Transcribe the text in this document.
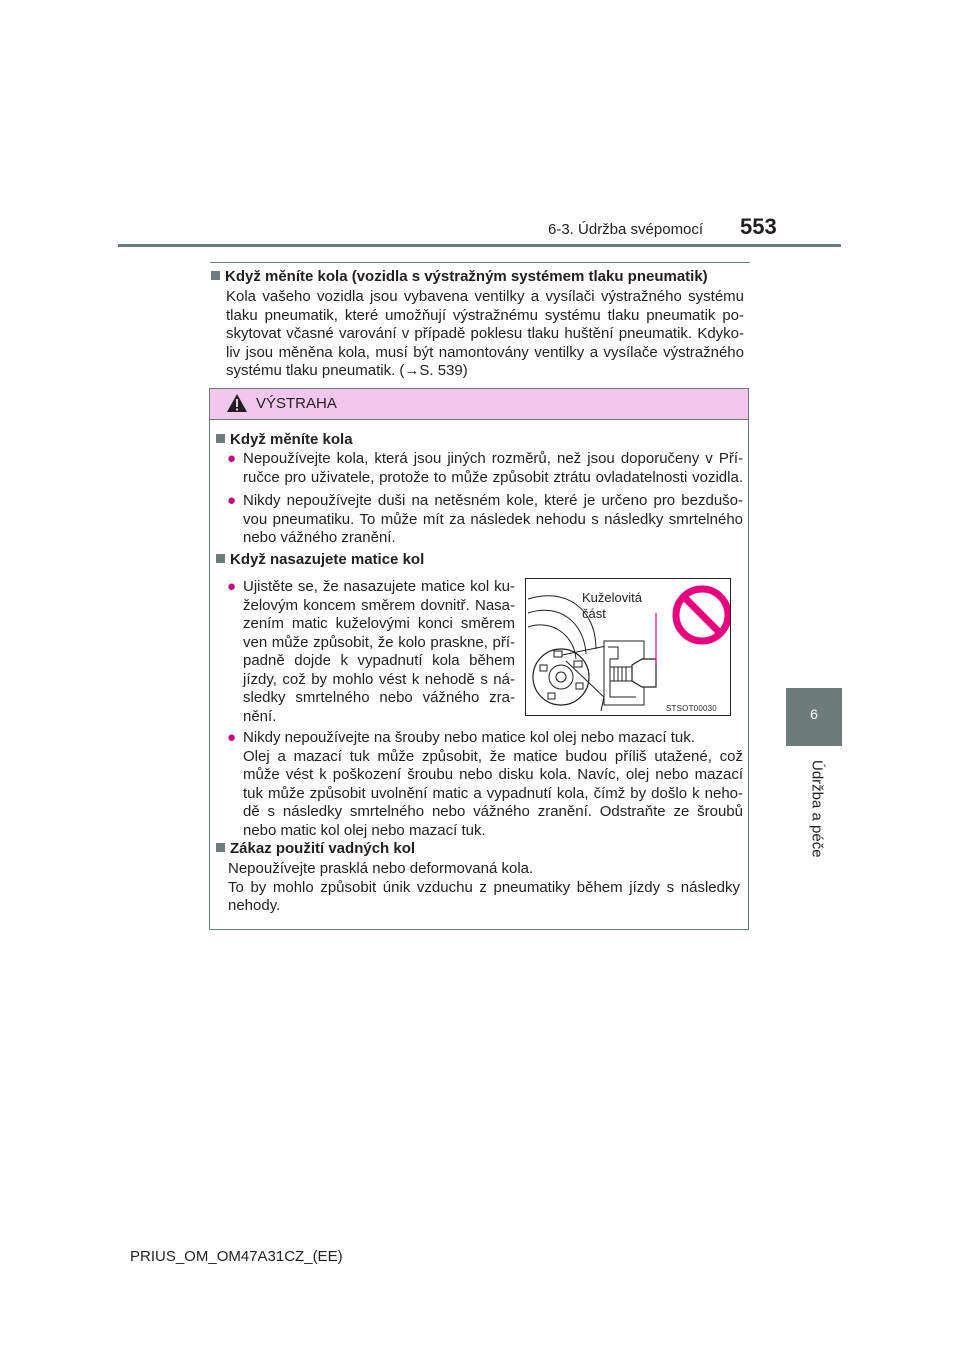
6-3. Údržba svépomocí 553
6
Údržba a péče
Když měníte kola (vozidla s výstražným systémem tlaku pneumatik)
Kola vašeho vozidla jsou vybavena ventilky a vysílači výstražného systému
tlaku pneumatik, které umožňují výstražnému systému tlaku pneumatik po-
skytovat včasné varování v případě poklesu tlaku huštění pneumatik. Kdyko-
liv jsou měněna kola, musí být namontovány ventilky a vysílače výstražného
systému tlaku pneumatik. (→S. 539)
VÝSTRAHA
Když měníte kola
● Nepoužívejte kola, která jsou jiných rozměrů, než jsou doporučeny v Pří-
ručce pro uživatele, protože to může způsobit ztrátu ovladatelnosti vozidla.
● Nikdy nepoužívejte duši na netěsném kole, které je určeno pro bezdušo-
vou pneumatiku. To může mít za následek nehodu s následky smrtelného
nebo vážného zranění.
Když nasazujete matice kol
● Ujistěte se, že nasazujete matice kol ku-
želovým koncem směrem dovnitř. Nasa-
zením matic kuželovými konci směrem
ven může způsobit, že kolo praskne, pří-
padně dojde k vypadnutí kola během
jízdy, což by mohlo vést k nehodě s ná-
sledky smrtelného nebo vážného zra-
nění.
Kuželovitá
část
STSOT00030
● Nikdy nepoužívejte na šrouby nebo matice kol olej nebo mazací tuk.
Olej a mazací tuk může způsobit, že matice budou příliš utažené, což
může vést k poškození šroubu nebo disku kola. Navíc, olej nebo mazací
tuk může způsobit uvolnění matic a vypadnutí kola, čímž by došlo k neho-
dě s následky smrtelného nebo vážného zranění. Odstraňte ze šroubů
nebo matic kol olej nebo mazací tuk.
Zákaz použití vadných kol
Nepoužívejte prasklá nebo deformovaná kola.
To by mohlo způsobit únik vzduchu z pneumatiky během jízdy s následky
nehody.
PRIUS_OM_OM47A31CZ_(EE)
